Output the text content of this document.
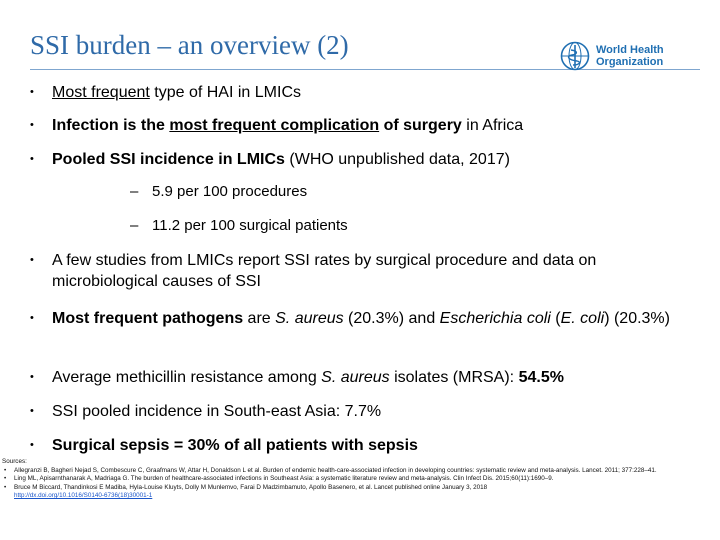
SSI burden – an overview (2)	World Health
Organization
•	Most frequent type of HAI in LMICs
•	Infection is the most frequent complication of surgery in Africa
•	Pooled SSI incidence in LMICs (WHO unpublished data, 2017)
– 5.9 per 100 procedures
– 11.2 per 100 surgical patients
•	A few studies from LMICs report SSI rates by surgical procedure and data on microbiological causes of SSI
•	Most frequent pathogens are S. aureus (20.3%) and Escherichia coli (E. coli) (20.3%)
•	Average methicillin resistance among S. aureus isolates (MRSA): 54.5%
•	SSI pooled incidence in South-east Asia: 7.7%
•	Surgical sepsis = 30% of all patients with sepsis
Sources:
• Allegranzi B, Bagheri Nejad S, Combescure C, Graafmans W, Attar H, Donaldson L et al. Burden of endemic health-care-associated infection in developing countries: systematic review and meta-analysis. Lancet. 2011; 377:228–41.
• Ling ML, Apisarnthanarak A, Madriaga G. The burden of healthcare-associated infections in Southeast Asia: a systematic literature review and meta-analysis. Clin Infect Dis. 2015;60(11):1690–9.
• Bruce M Biccard, Thandinkosi E Madiba, Hyla-Louise Kluyts, Dolly M Munlemvo, Farai D Madzimbamuto, Apollo Basenero, et al. Lancet published online January 3, 2018
http://dx.doi.org/10.1016/S0140-6736(18)30001-1
